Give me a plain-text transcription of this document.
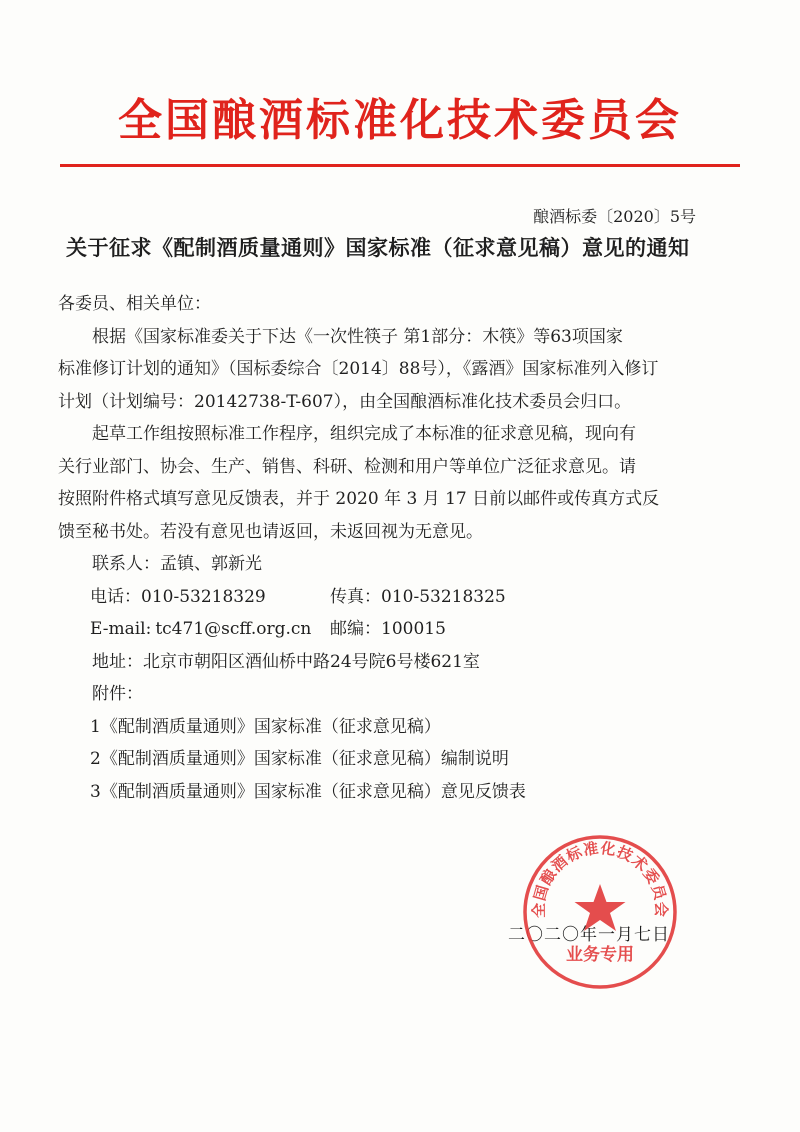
全国酿酒标准化技术委员会
酿酒标委〔2020〕5号
关于征求《配制酒质量通则》国家标准（征求意见稿）意见的通知

各委员、相关单位：

根据《国家标准委关于下达《一次性筷子 第1部分：木筷》等63项国家

标准修订计划的通知》（国标委综合〔2014〕88号），《露酒》国家标准列入修订

计划（计划编号：20142738-T-607），由全国酿酒标准化技术委员会归口。

起草工作组按照标准工作程序，组织完成了本标准的征求意见稿，现向有

关行业部门、协会、生产、销售、科研、检测和用户等单位广泛征求意见。请

按照附件格式填写意见反馈表，并于 2020 年 3 月 17 日前以邮件或传真方式反

馈至秘书处。若没有意见也请返回，未返回视为无意见。

联系人：孟镇、郭新光

电话：010-53218329	传真：010-53218325
E-mail: tc471@scff.org.cn	邮编：100015

地址：北京市朝阳区酒仙桥中路24号院6号楼621室

附件：

1《配制酒质量通则》国家标准（征求意见稿）

2《配制酒质量通则》国家标准（征求意见稿）编制说明

3《配制酒质量通则》国家标准（征求意见稿）意见反馈表

二〇二〇年一月七日
全国酿酒标准化技术委员会
业务专用
